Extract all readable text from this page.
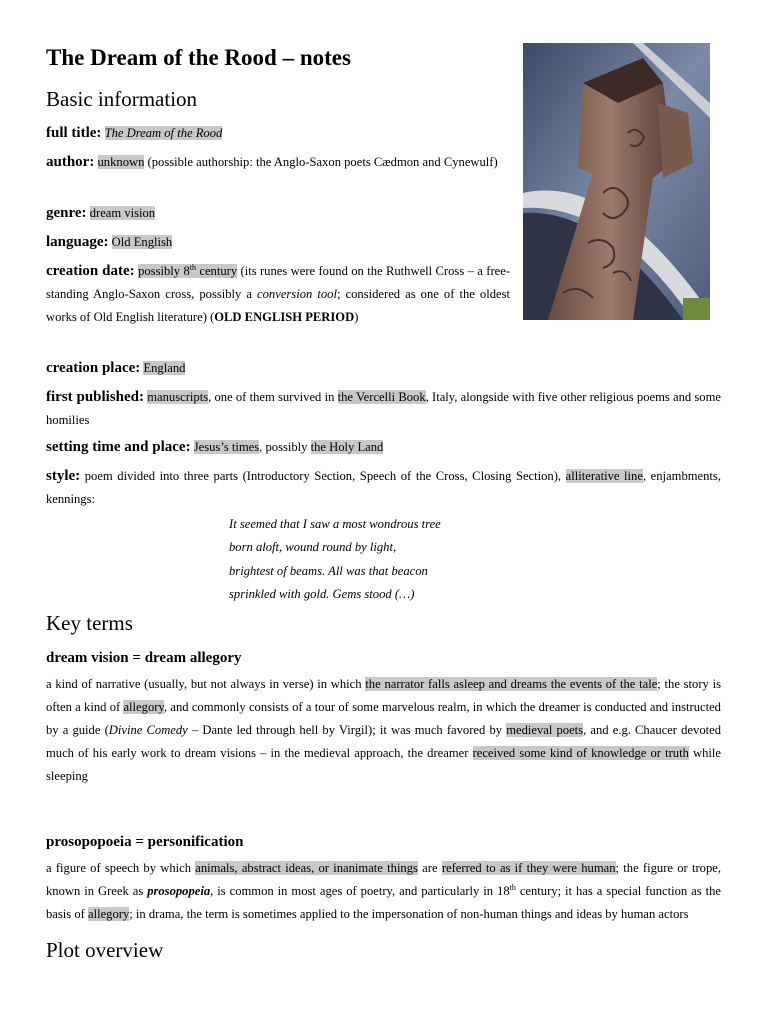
The Dream of the Rood – notes
Basic information
full title: The Dream of the Rood
author: unknown (possible authorship: the Anglo-Saxon poets Cædmon and Cynewulf)
genre: dream vision
language: Old English
creation date: possibly 8th century (its runes were found on the Ruthwell Cross – a free-standing Anglo-Saxon cross, possibly a conversion tool; considered as one of the oldest works of Old English literature) (OLD ENGLISH PERIOD)
creation place: England
first published: manuscripts, one of them survived in the Vercelli Book, Italy, alongside with five other religious poems and some homilies
setting time and place: Jesus’s times, possibly the Holy Land
style: poem divided into three parts (Introductory Section, Speech of the Cross, Closing Section), alliterative line, enjambments, kennings:
It seemed that I saw a most wondrous tree
born aloft, wound round by light,
brightest of beams. All was that beacon
sprinkled with gold. Gems stood (…)
Key terms
dream vision = dream allegory
a kind of narrative (usually, but not always in verse) in which the narrator falls asleep and dreams the events of the tale; the story is often a kind of allegory, and commonly consists of a tour of some marvelous realm, in which the dreamer is conducted and instructed by a guide (Divine Comedy – Dante led through hell by Virgil); it was much favored by medieval poets, and e.g. Chaucer devoted much of his early work to dream visions – in the medieval approach, the dreamer received some kind of knowledge or truth while sleeping
prosopopoeia = personification
a figure of speech by which animals, abstract ideas, or inanimate things are referred to as if they were human; the figure or trope, known in Greek as prosopopeia, is common in most ages of poetry, and particularly in 18th century; it has a special function as the basis of allegory; in drama, the term is sometimes applied to the impersonation of non-human things and ideas by human actors
Plot overview
